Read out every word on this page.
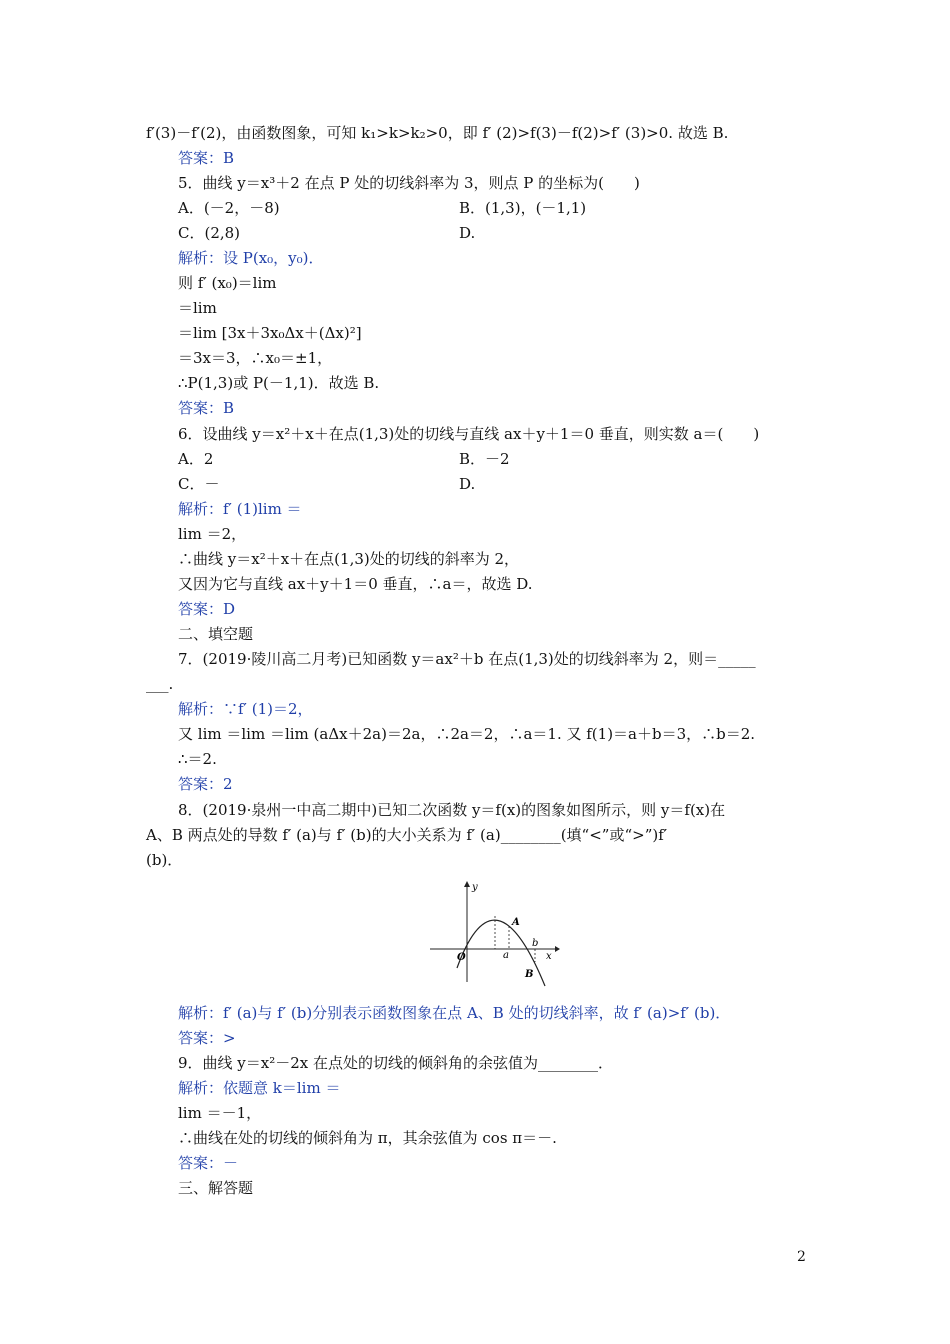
f′(3)－f′(2)，由函数图象，可知 k₁>k>k₂>0，即 f′ (2)>f(3)－f(2)>f′ (3)>0. 故选 B.
答案：B
5．曲线 y＝x³＋2 在点 P 处的切线斜率为 3，则点 P 的坐标为(　　)
A．(－2，－8)	B．(1,3)，(－1,1)
C．(2,8)	D.
解析：设 P(x₀，y₀)．
则 f′ (x₀)＝lim
＝lim
＝lim [3x＋3x₀Δx＋(Δx)²]
＝3x＝3，∴x₀＝±1，
∴P(1,3)或 P(－1,1)．故选 B.
答案：B
6．设曲线 y＝x²＋x＋在点(1,3)处的切线与直线 ax＋y＋1＝0 垂直，则实数 a＝(　　)
A．2	B．－2
C．－	D.
解析：f′ (1)lim ＝
lim ＝2，
∴曲线 y＝x²＋x＋在点(1,3)处的切线的斜率为 2，
又因为它与直线 ax＋y＋1＝0 垂直，∴a＝，故选 D.
答案：D
二、填空题
7．(2019·陵川高二月考)已知函数 y＝ax²＋b 在点(1,3)处的切线斜率为 2，则＝_____
___.
解析：∵f′ (1)＝2，
又 lim ＝lim ＝lim (aΔx＋2a)＝2a，∴2a＝2，∴a＝1. 又 f(1)＝a＋b＝3，∴b＝2.
∴＝2.
答案：2
8．(2019·泉州一中高二期中)已知二次函数 y＝f(x)的图象如图所示，则 y＝f(x)在
A、B 两点处的导数 f′ (a)与 f′ (b)的大小关系为 f′ (a)________(填“<”或“>”)f′
(b)．
y
x
O
A
a
b
B
解析：f′ (a)与 f′ (b)分别表示函数图象在点 A、B 处的切线斜率，故 f′ (a)>f′ (b)．
答案：>
9．曲线 y＝x²－2x 在点处的切线的倾斜角的余弦值为________．
解析：依题意 k＝lim ＝
lim ＝－1，
∴曲线在处的切线的倾斜角为 π，其余弦值为 cos π＝－.
答案：－
三、解答题
2
